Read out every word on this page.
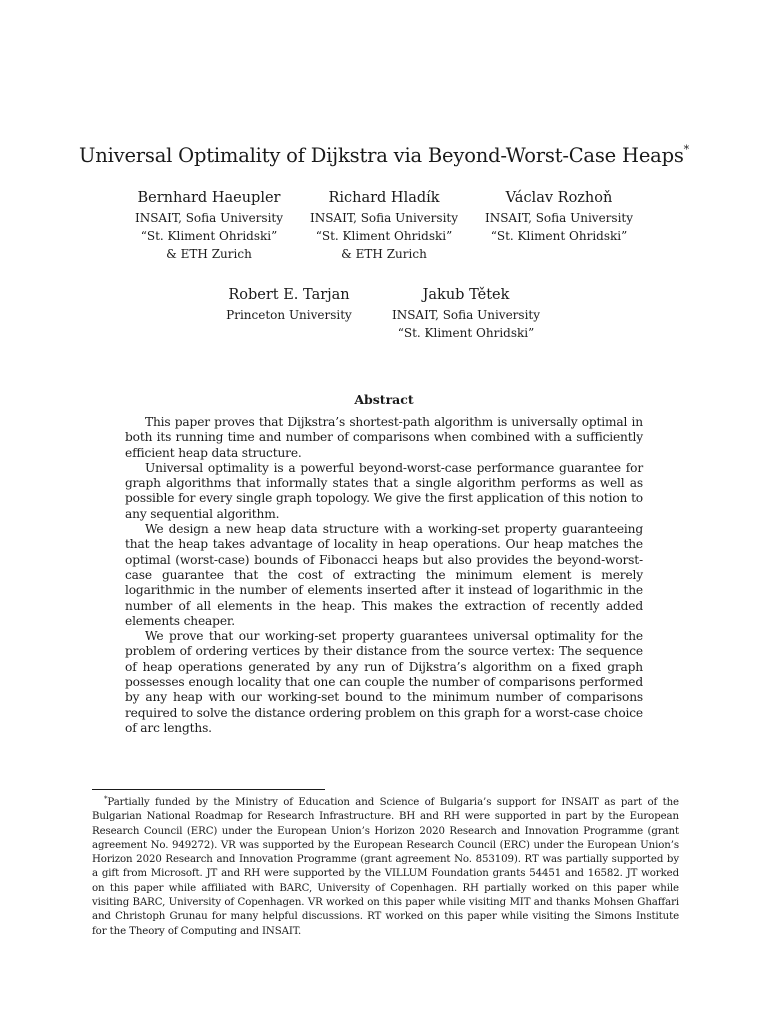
Universal Optimality of Dijkstra via Beyond-Worst-Case Heaps*
Bernhard Haeupler
INSAIT, Sofia University
“St. Kliment Ohridski”
& ETH Zurich
Richard Hladík
INSAIT, Sofia University
“St. Kliment Ohridski”
& ETH Zurich
Václav Rozhoň
INSAIT, Sofia University
“St. Kliment Ohridski”
Robert E. Tarjan
Princeton University
Jakub Tětek
INSAIT, Sofia University
“St. Kliment Ohridski”
Abstract

This paper proves that Dijkstra’s shortest-path algorithm is universally optimal in both its running time and number of comparisons when combined with a sufficiently efficient heap data structure.

Universal optimality is a powerful beyond-worst-case performance guarantee for graph algorithms that informally states that a single algorithm performs as well as possible for every single graph topology. We give the first application of this notion to any sequential algorithm.

We design a new heap data structure with a working-set property guaranteeing that the heap takes advantage of locality in heap operations. Our heap matches the optimal (worst-case) bounds of Fibonacci heaps but also provides the beyond-worst-case guarantee that the cost of extracting the minimum element is merely logarithmic in the number of elements inserted after it instead of logarithmic in the number of all elements in the heap. This makes the extraction of recently added elements cheaper.

We prove that our working-set property guarantees universal optimality for the problem of ordering vertices by their distance from the source vertex: The sequence of heap operations generated by any run of Dijkstra’s algorithm on a fixed graph possesses enough locality that one can couple the number of comparisons performed by any heap with our working-set bound to the minimum number of comparisons required to solve the distance ordering problem on this graph for a worst-case choice of arc lengths.

*Partially funded by the Ministry of Education and Science of Bulgaria’s support for INSAIT as part of the Bulgarian National Roadmap for Research Infrastructure. BH and RH were supported in part by the European Research Council (ERC) under the European Union’s Horizon 2020 Research and Innovation Programme (grant agreement No. 949272). VR was supported by the European Research Council (ERC) under the European Union’s Horizon 2020 Research and Innovation Programme (grant agreement No. 853109). RT was partially supported by a gift from Microsoft. JT and RH were supported by the VILLUM Foundation grants 54451 and 16582. JT worked on this paper while affiliated with BARC, University of Copenhagen. RH partially worked on this paper while visiting BARC, University of Copenhagen. VR worked on this paper while visiting MIT and thanks Mohsen Ghaffari and Christoph Grunau for many helpful discussions. RT worked on this paper while visiting the Simons Institute for the Theory of Computing and INSAIT.
